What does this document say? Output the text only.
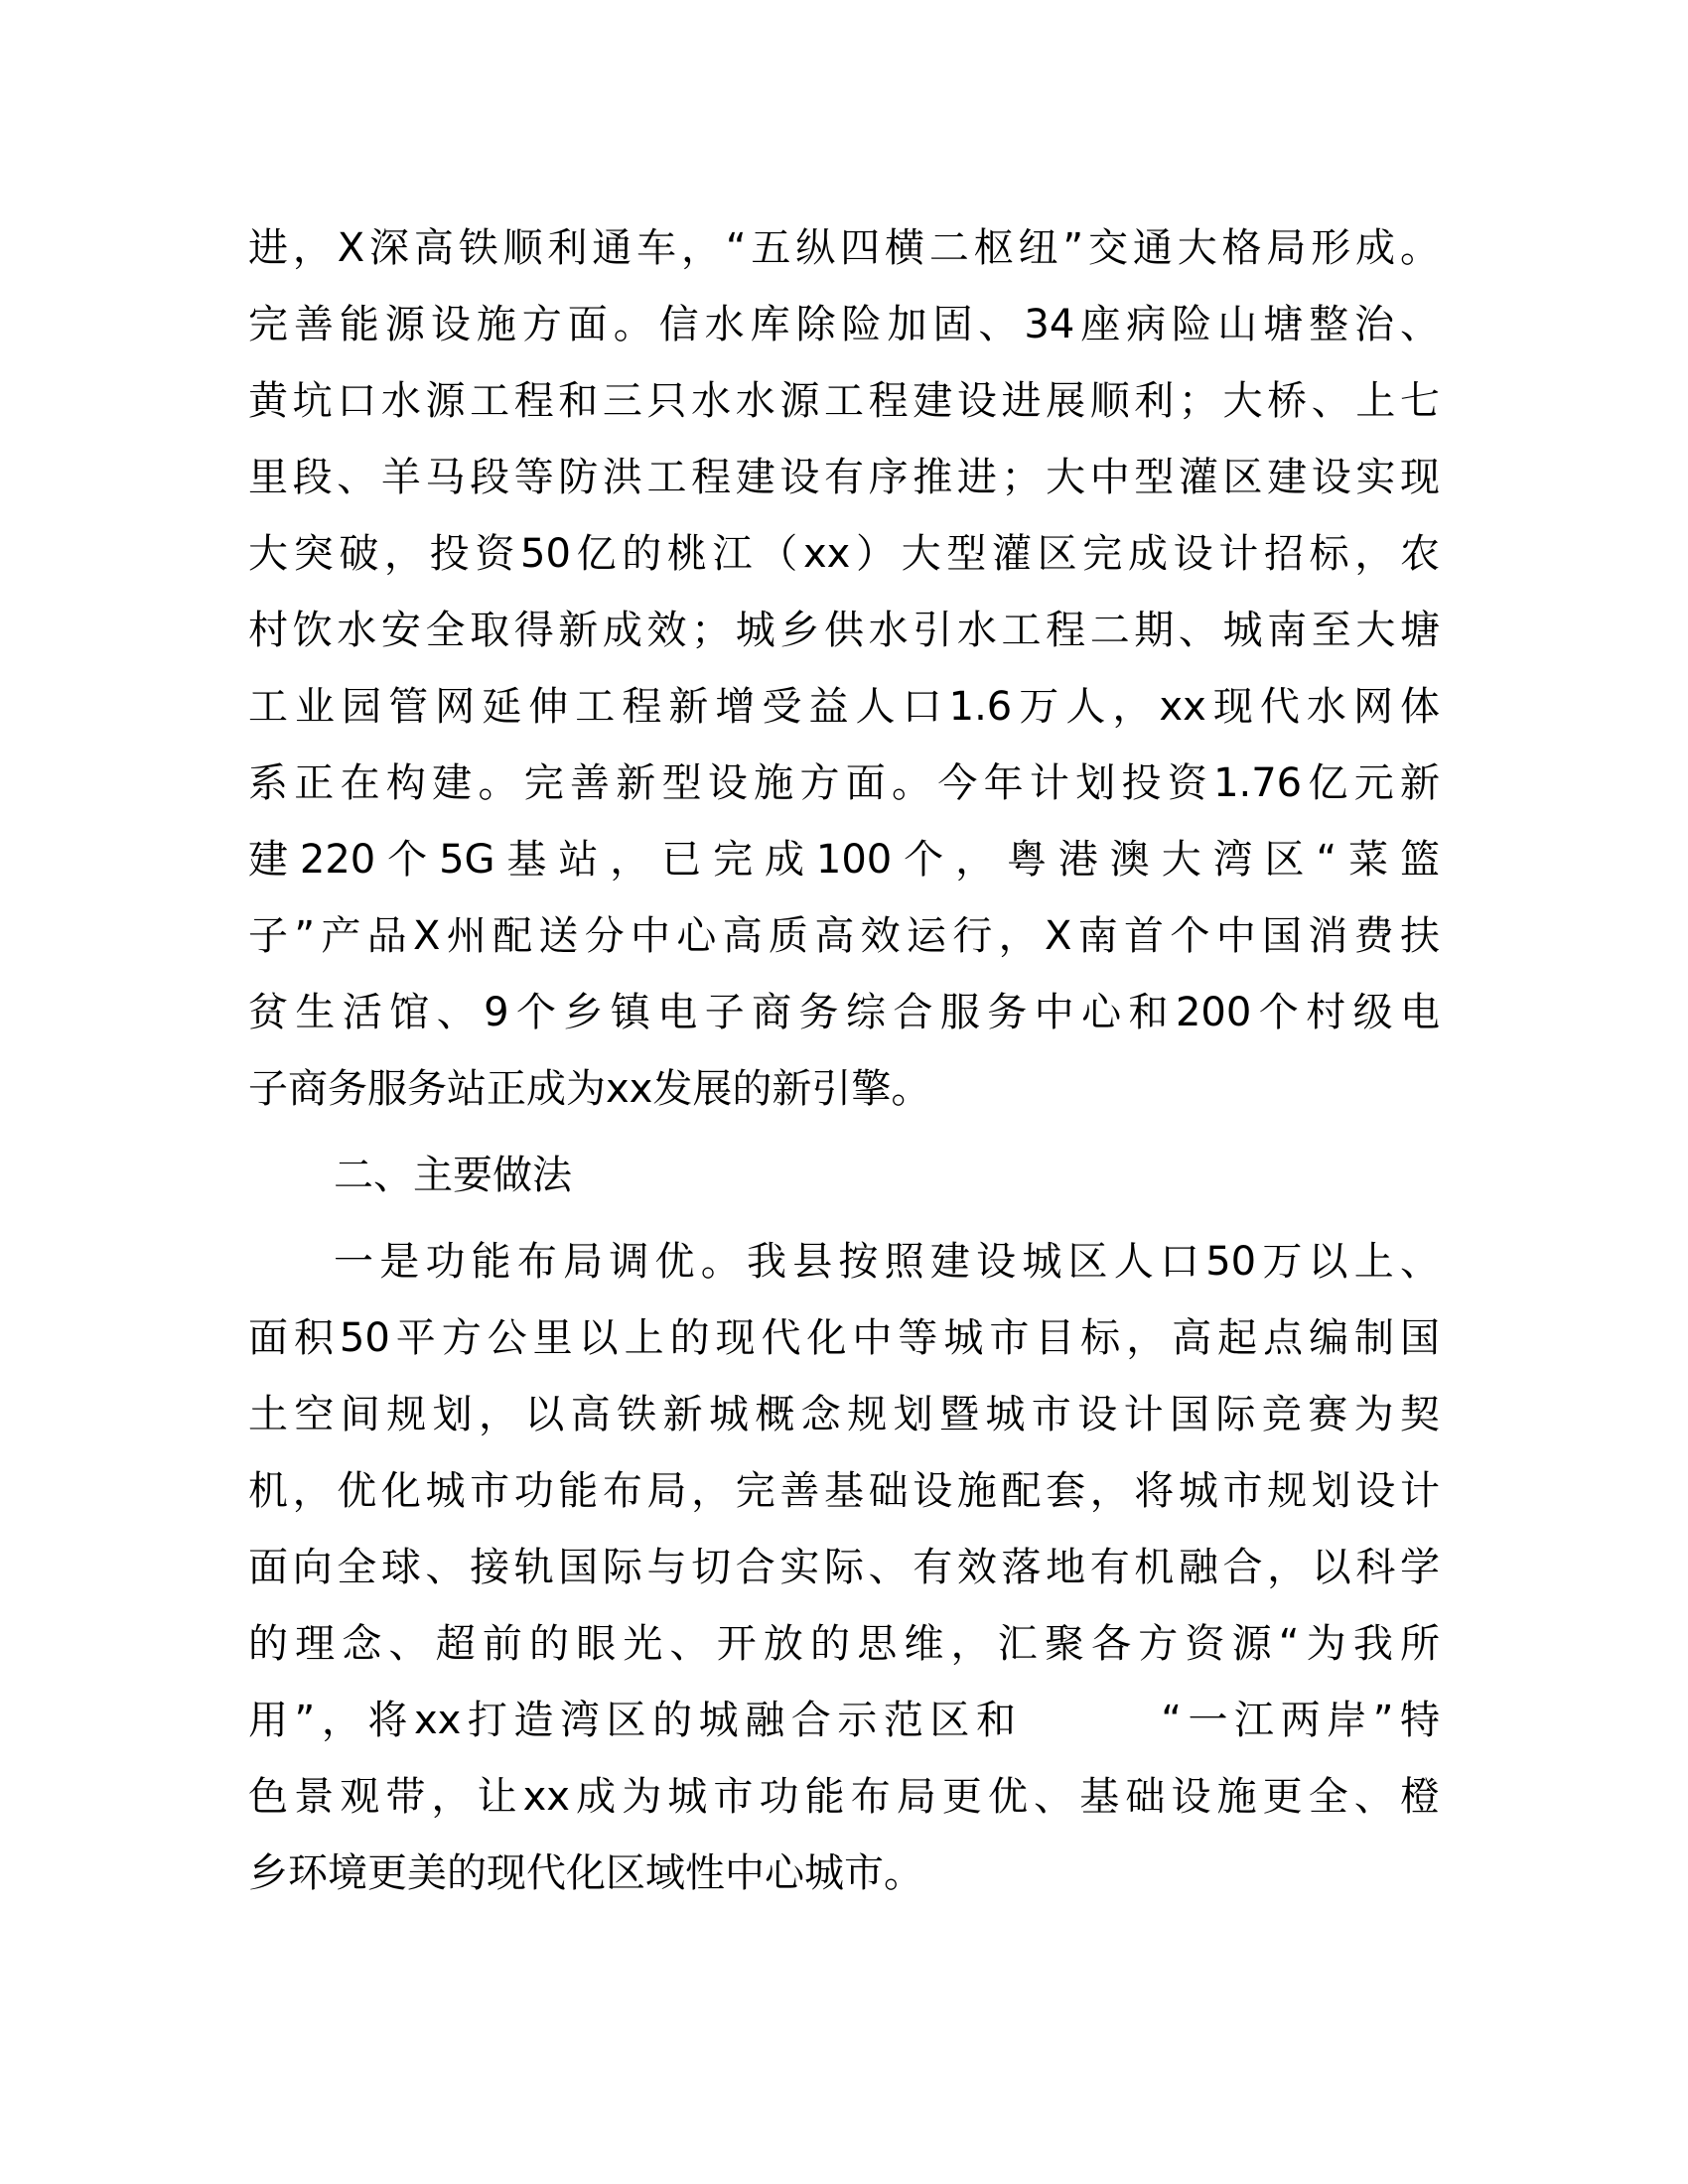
进，X深高铁顺利通车，“五纵四横二枢纽”交通大格局形成。
完善能源设施方面。信水库除险加固、34座病险山塘整治、
黄坑口水源工程和三只水水源工程建设进展顺利；大桥、上七
里段、羊马段等防洪工程建设有序推进；大中型灌区建设实现
大突破，投资50亿的桃江（xx）大型灌区完成设计招标，农
村饮水安全取得新成效；城乡供水引水工程二期、城南至大塘
工业园管网延伸工程新增受益人口1.6万人，xx现代水网体
系正在构建。完善新型设施方面。今年计划投资1.76亿元新
建220个5G基站，已完成100个，粤港澳大湾区“菜篮
子”产品X州配送分中心高质高效运行，X南首个中国消费扶
贫生活馆、9个乡镇电子商务综合服务中心和200个村级电
子商务服务站正成为xx发展的新引擎。
二、主要做法
一是功能布局调优。我县按照建设城区人口50万以上、
面积50平方公里以上的现代化中等城市目标，高起点编制国
土空间规划，以高铁新城概念规划暨城市设计国际竞赛为契
机，优化城市功能布局，完善基础设施配套，将城市规划设计
面向全球、接轨国际与切合实际、有效落地有机融合，以科学
的理念、超前的眼光、开放的思维，汇聚各方资源“为我所
用”，将xx打造湾区的城融合示范区和　　　“一江两岸”特
色景观带，让xx成为城市功能布局更优、基础设施更全、橙
乡环境更美的现代化区域性中心城市。
